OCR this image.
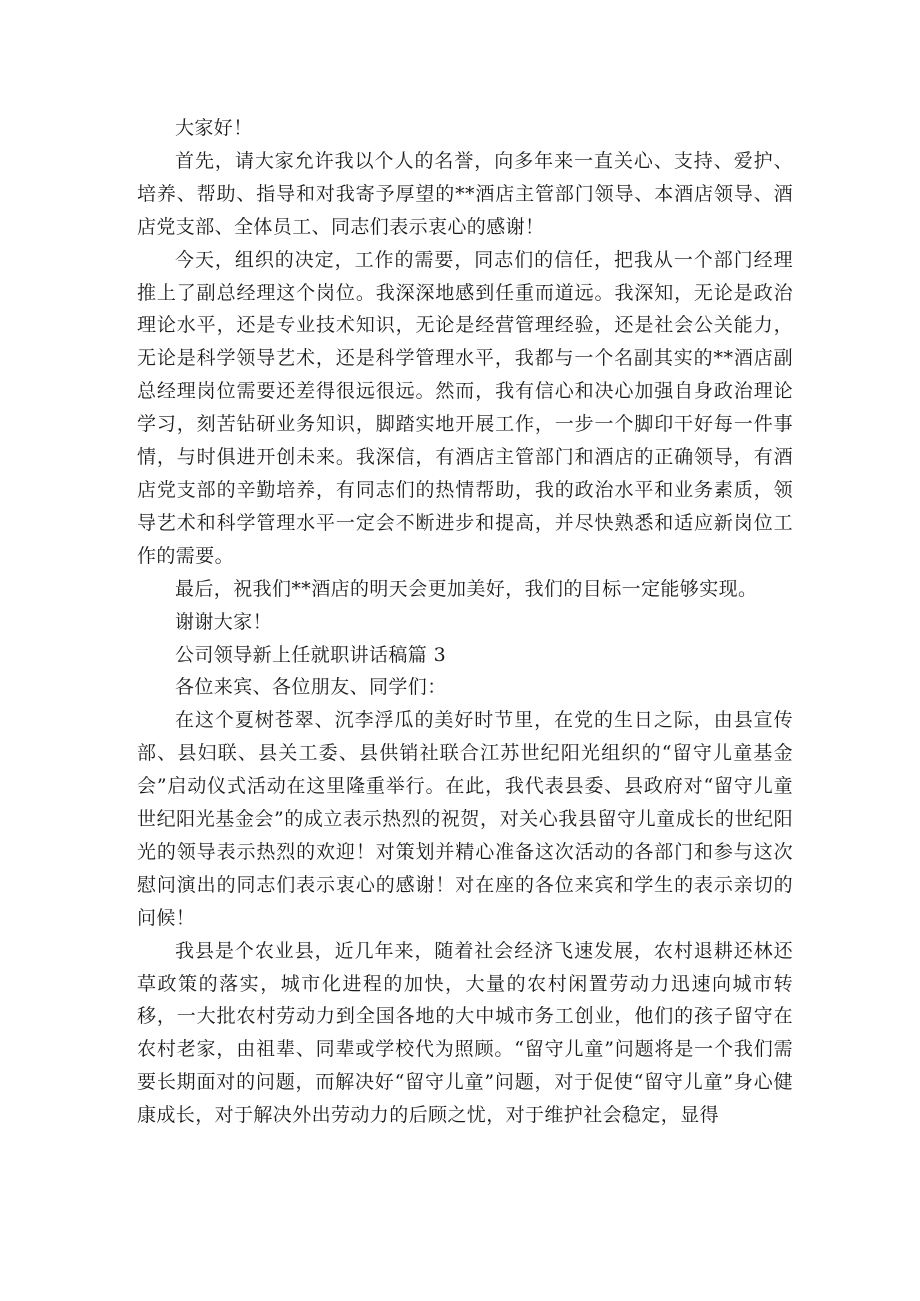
大家好！

首先，请大家允许我以个人的名誉，向多年来一直关心、支持、爱护、培养、帮助、指导和对我寄予厚望的**酒店主管部门领导、本酒店领导、酒店党支部、全体员工、同志们表示衷心的感谢！

今天，组织的决定，工作的需要，同志们的信任，把我从一个部门经理推上了副总经理这个岗位。我深深地感到任重而道远。我深知，无论是政治理论水平，还是专业技术知识，无论是经营管理经验，还是社会公关能力，无论是科学领导艺术，还是科学管理水平，我都与一个名副其实的**酒店副总经理岗位需要还差得很远很远。然而，我有信心和决心加强自身政治理论学习，刻苦钻研业务知识，脚踏实地开展工作，一步一个脚印干好每一件事情，与时俱进开创未来。我深信，有酒店主管部门和酒店的正确领导，有酒店党支部的辛勤培养，有同志们的热情帮助，我的政治水平和业务素质，领导艺术和科学管理水平一定会不断进步和提高，并尽快熟悉和适应新岗位工作的需要。

最后，祝我们**酒店的明天会更加美好，我们的目标一定能够实现。

谢谢大家！

公司领导新上任就职讲话稿篇 3

各位来宾、各位朋友、同学们：

在这个夏树苍翠、沉李浮瓜的美好时节里，在党的生日之际，由县宣传部、县妇联、县关工委、县供销社联合江苏世纪阳光组织的“留守儿童基金会”启动仪式活动在这里隆重举行。在此，我代表县委、县政府对“留守儿童世纪阳光基金会”的成立表示热烈的祝贺，对关心我县留守儿童成长的世纪阳光的领导表示热烈的欢迎！对策划并精心准备这次活动的各部门和参与这次慰问演出的同志们表示衷心的感谢！对在座的各位来宾和学生的表示亲切的问候！

我县是个农业县，近几年来，随着社会经济飞速发展，农村退耕还林还草政策的落实，城市化进程的加快，大量的农村闲置劳动力迅速向城市转移，一大批农村劳动力到全国各地的大中城市务工创业，他们的孩子留守在农村老家，由祖辈、同辈或学校代为照顾。“留守儿童”问题将是一个我们需要长期面对的问题，而解决好“留守儿童”问题，对于促使“留守儿童”身心健康成长，对于解决外出劳动力的后顾之忧，对于维护社会稳定，显得
